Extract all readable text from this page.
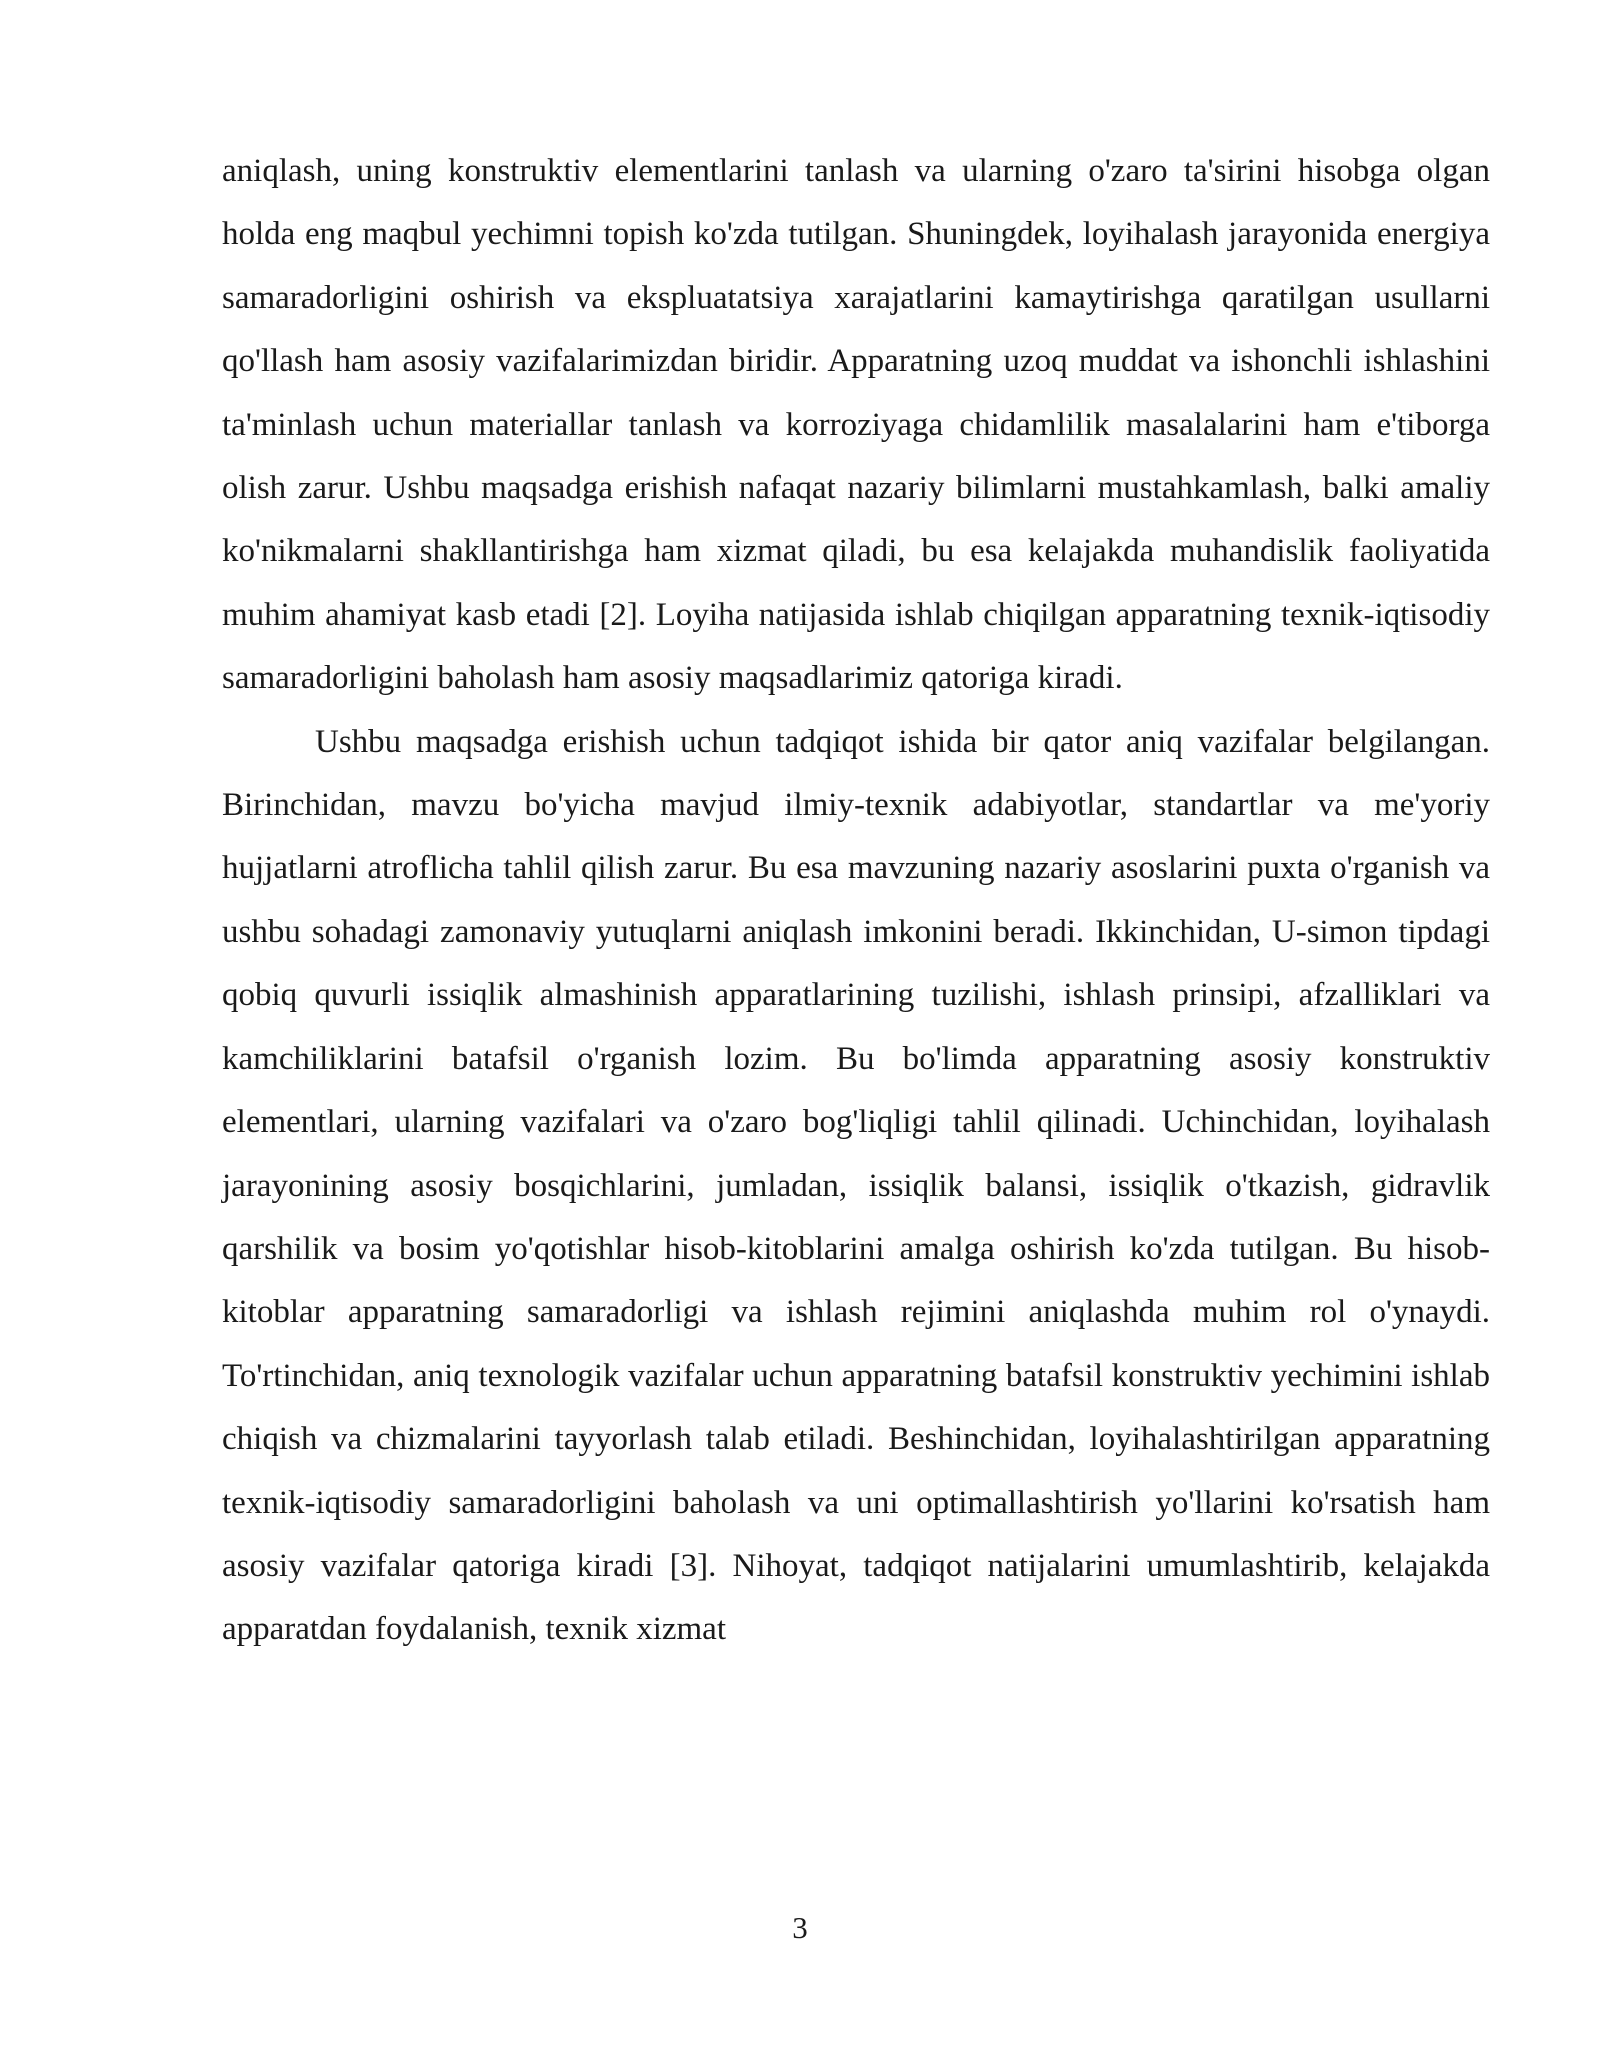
aniqlash, uning konstruktiv elementlarini tanlash va ularning o'zaro ta'sirini hisobga olgan holda eng maqbul yechimni topish ko'zda tutilgan. Shuningdek, loyihalash jarayonida energiya samaradorligini oshirish va ekspluatatsiya xarajatlarini kamaytirishga qaratilgan usullarni qo'llash ham asosiy vazifalarimizdan biridir. Apparatning uzoq muddat va ishonchli ishlashini ta'minlash uchun materiallar tanlash va korroziyaga chidamlilik masalalarini ham e'tiborga olish zarur. Ushbu maqsadga erishish nafaqat nazariy bilimlarni mustahkamlash, balki amaliy ko'nikmalarni shakllantirishga ham xizmat qiladi, bu esa kelajakda muhandislik faoliyatida muhim ahamiyat kasb etadi [2]. Loyiha natijasida ishlab chiqilgan apparatning texnik-iqtisodiy samaradorligini baholash ham asosiy maqsadlarimiz qatoriga kiradi.

Ushbu maqsadga erishish uchun tadqiqot ishida bir qator aniq vazifalar belgilangan. Birinchidan, mavzu bo'yicha mavjud ilmiy-texnik adabiyotlar, standartlar va me'yoriy hujjatlarni atroflicha tahlil qilish zarur. Bu esa mavzuning nazariy asoslarini puxta o'rganish va ushbu sohadagi zamonaviy yutuqlarni aniqlash imkonini beradi. Ikkinchidan, U-simon tipdagi qobiq quvurli issiqlik almashinish apparatlarining tuzilishi, ishlash prinsipi, afzalliklari va kamchiliklarini batafsil o'rganish lozim. Bu bo'limda apparatning asosiy konstruktiv elementlari, ularning vazifalari va o'zaro bog'liqligi tahlil qilinadi. Uchinchidan, loyihalash jarayonining asosiy bosqichlarini, jumladan, issiqlik balansi, issiqlik o'tkazish, gidravlik qarshilik va bosim yo'qotishlar hisob-kitoblarini amalga oshirish ko'zda tutilgan. Bu hisob-kitoblar apparatning samaradorligi va ishlash rejimini aniqlashda muhim rol o'ynaydi. To'rtinchidan, aniq texnologik vazifalar uchun apparatning batafsil konstruktiv yechimini ishlab chiqish va chizmalarini tayyorlash talab etiladi. Beshinchidan, loyihalashtirilgan apparatning texnik-iqtisodiy samaradorligini baholash va uni optimallashtirish yo'llarini ko'rsatish ham asosiy vazifalar qatoriga kiradi [3]. Nihoyat, tadqiqot natijalarini umumlashtirib, kelajakda apparatdan foydalanish, texnik xizmat

3
